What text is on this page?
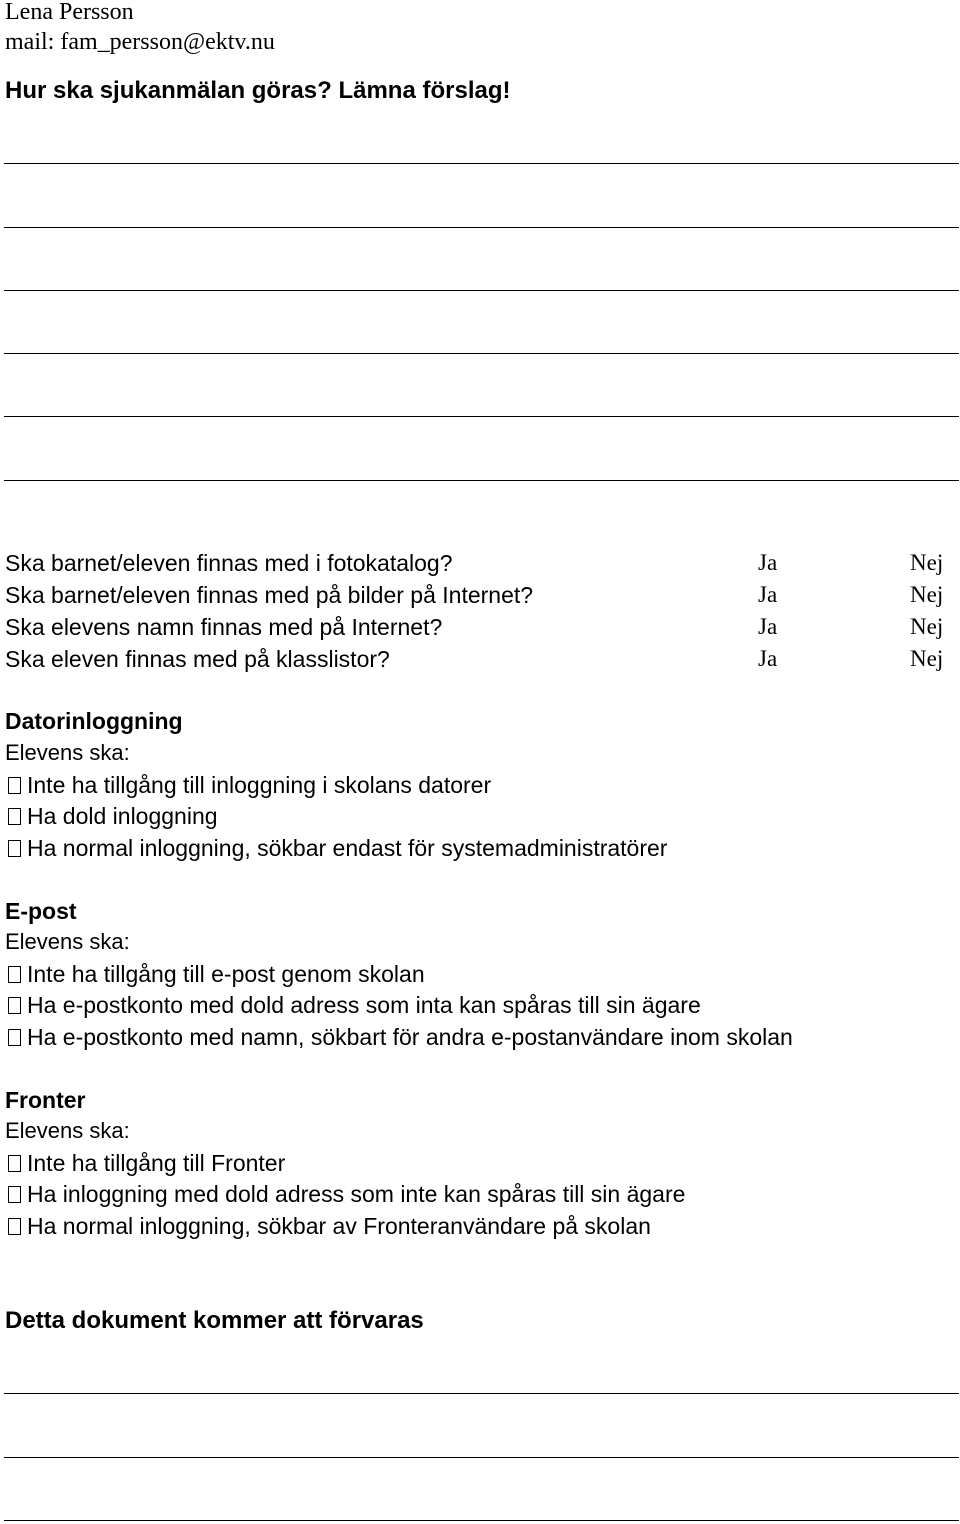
Lena Persson
mail: fam_persson@ektv.nu
Hur ska sjukanmälan göras? Lämna förslag!
Ska barnet/eleven finnas med i fotokatalog?	Ja	Nej
Ska barnet/eleven finnas med på bilder på Internet?	Ja	Nej
Ska elevens namn finnas med på Internet?	Ja	Nej
Ska eleven finnas med på klasslistor?	Ja	Nej
Datorinloggning
Elevens ska:
Inte ha tillgång till inloggning i skolans datorer
Ha dold inloggning
Ha normal inloggning, sökbar endast för systemadministratörer
E-post
Elevens ska:
Inte ha tillgång till e-post genom skolan
Ha e-postkonto med dold adress som inta kan spåras till sin ägare
Ha e-postkonto med namn, sökbart för andra e-postanvändare inom skolan
Fronter
Elevens ska:
Inte ha tillgång till Fronter
Ha inloggning med dold adress som inte kan spåras till sin ägare
Ha normal inloggning, sökbar av Fronteranvändare på skolan
Detta dokument kommer att förvaras
